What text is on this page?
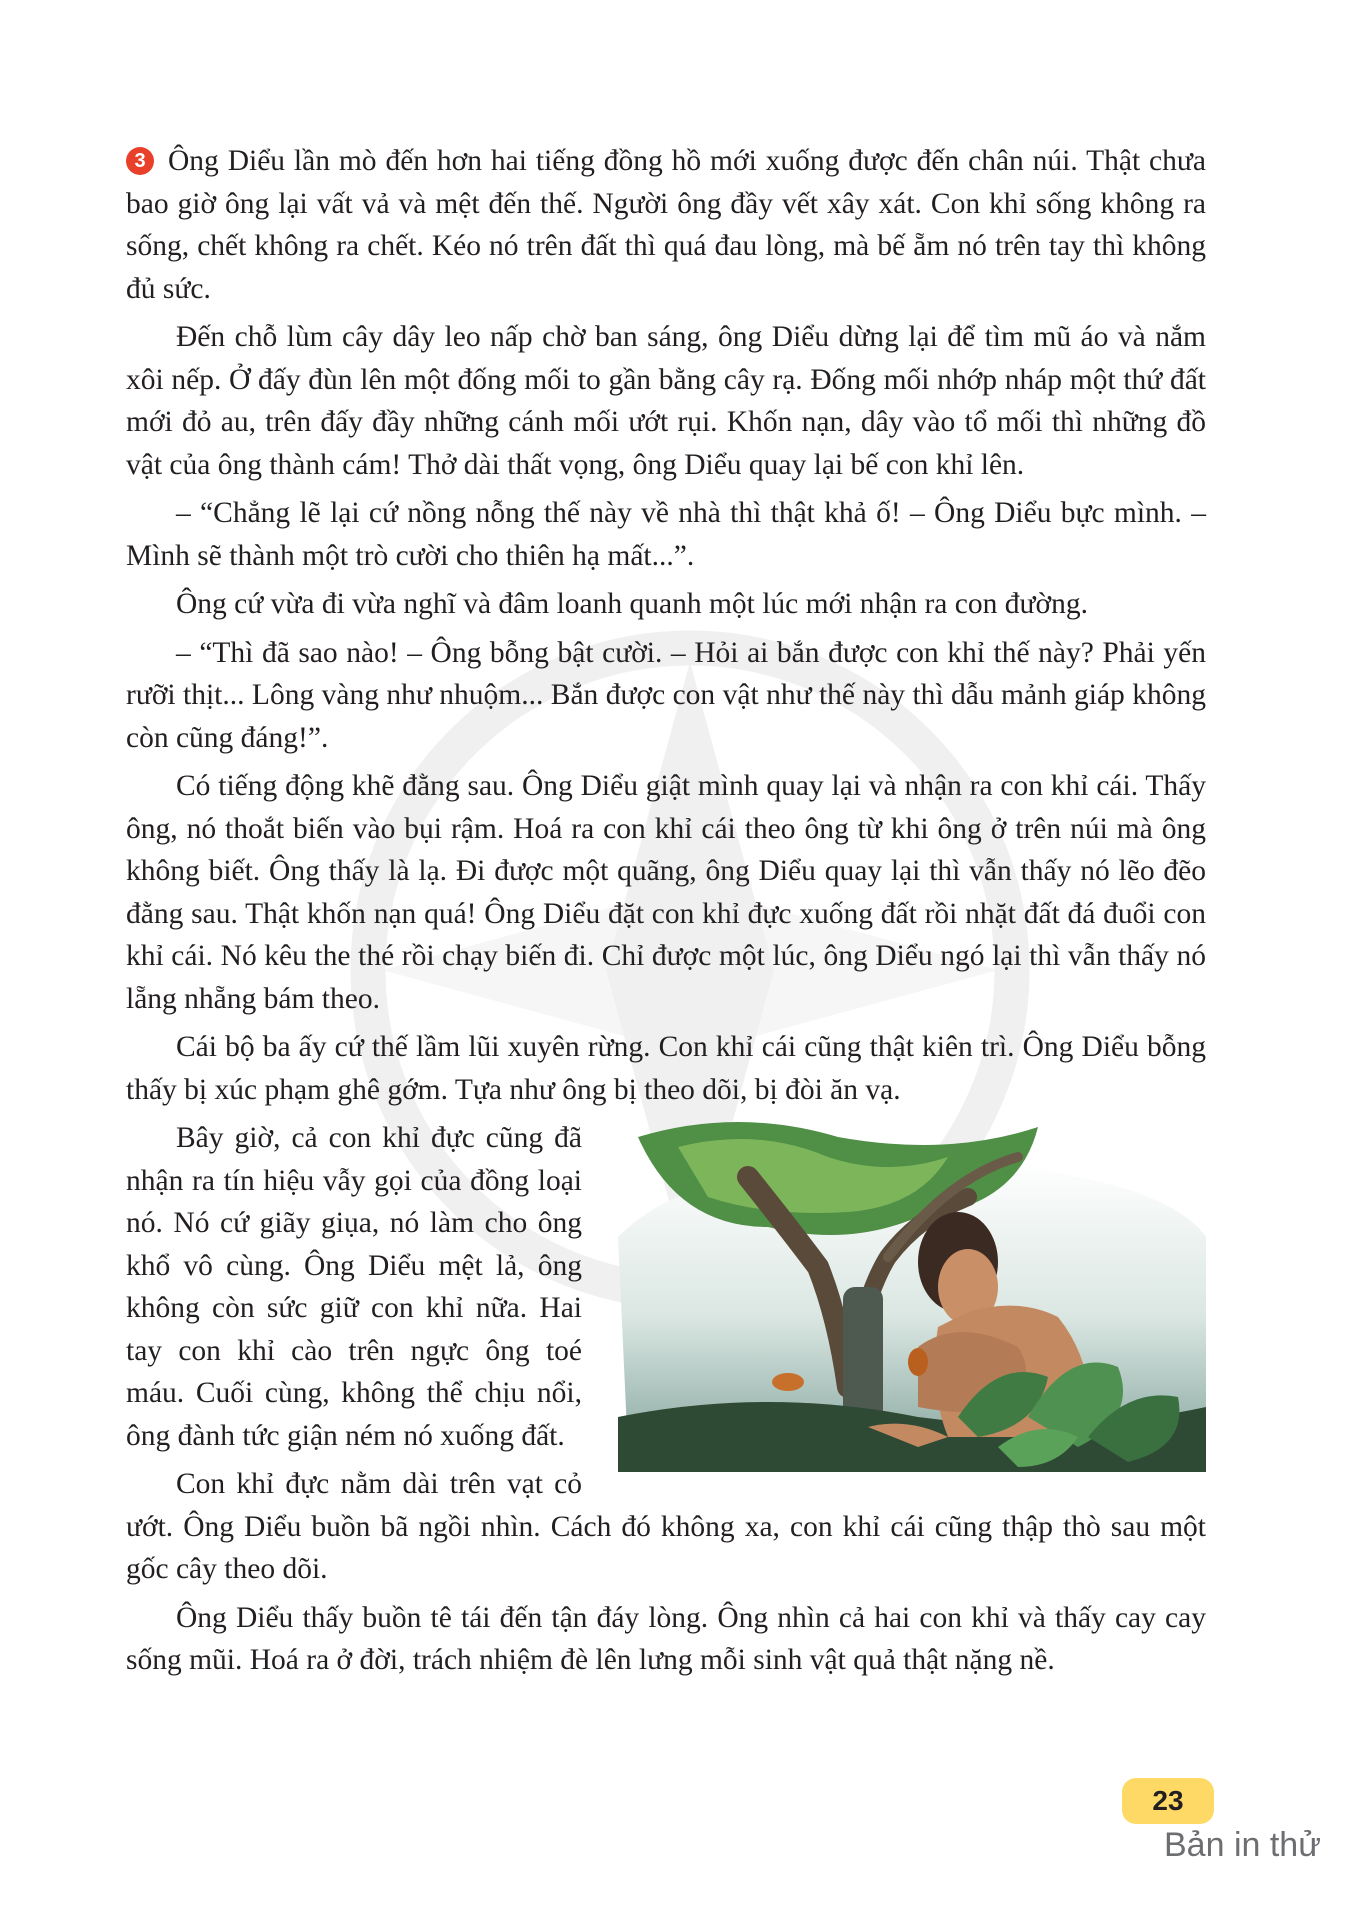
3 Ông Diểu lần mò đến hơn hai tiếng đồng hồ mới xuống được đến chân núi. Thật chưa bao giờ ông lại vất vả và mệt đến thế. Người ông đầy vết xây xát. Con khỉ sống không ra sống, chết không ra chết. Kéo nó trên đất thì quá đau lòng, mà bế ẵm nó trên tay thì không đủ sức.

Đến chỗ lùm cây dây leo nấp chờ ban sáng, ông Diểu dừng lại để tìm mũ áo và nắm xôi nếp. Ở đấy đùn lên một đống mối to gần bằng cây rạ. Đống mối nhớp nháp một thứ đất mới đỏ au, trên đấy đầy những cánh mối ướt rụi. Khốn nạn, dây vào tổ mối thì những đồ vật của ông thành cám! Thở dài thất vọng, ông Diểu quay lại bế con khỉ lên.

– “Chẳng lẽ lại cứ nồng nỗng thế này về nhà thì thật khả ố! – Ông Diểu bực mình. – Mình sẽ thành một trò cười cho thiên hạ mất...”.

Ông cứ vừa đi vừa nghĩ và đâm loanh quanh một lúc mới nhận ra con đường.

– “Thì đã sao nào! – Ông bỗng bật cười. – Hỏi ai bắn được con khỉ thế này? Phải yến rưỡi thịt... Lông vàng như nhuộm... Bắn được con vật như thế này thì dẫu mảnh giáp không còn cũng đáng!”.

Có tiếng động khẽ đằng sau. Ông Diểu giật mình quay lại và nhận ra con khỉ cái. Thấy ông, nó thoắt biến vào bụi rậm. Hoá ra con khỉ cái theo ông từ khi ông ở trên núi mà ông không biết. Ông thấy là lạ. Đi được một quãng, ông Diểu quay lại thì vẫn thấy nó lẽo đẽo đằng sau. Thật khốn nạn quá! Ông Diểu đặt con khỉ đực xuống đất rồi nhặt đất đá đuổi con khỉ cái. Nó kêu the thé rồi chạy biến đi. Chỉ được một lúc, ông Diểu ngó lại thì vẫn thấy nó lẵng nhẵng bám theo.

Cái bộ ba ấy cứ thế lầm lũi xuyên rừng. Con khỉ cái cũng thật kiên trì. Ông Diểu bỗng thấy bị xúc phạm ghê gớm. Tựa như ông bị theo dõi, bị đòi ăn vạ.

Bây giờ, cả con khỉ đực cũng đã nhận ra tín hiệu vẫy gọi của đồng loại nó. Nó cứ giãy giụa, nó làm cho ông khổ vô cùng. Ông Diểu mệt lả, ông không còn sức giữ con khỉ nữa. Hai tay con khỉ cào trên ngực ông toé máu. Cuối cùng, không thể chịu nổi, ông đành tức giận ném nó xuống đất.

Con khỉ đực nằm dài trên vạt cỏ ướt. Ông Diểu buồn bã ngồi nhìn. Cách đó không xa, con khỉ cái cũng thập thò sau một gốc cây theo dõi.

Ông Diểu thấy buồn tê tái đến tận đáy lòng. Ông nhìn cả hai con khỉ và thấy cay cay sống mũi. Hoá ra ở đời, trách nhiệm đè lên lưng mỗi sinh vật quả thật nặng nề.

23
Bản in thử
